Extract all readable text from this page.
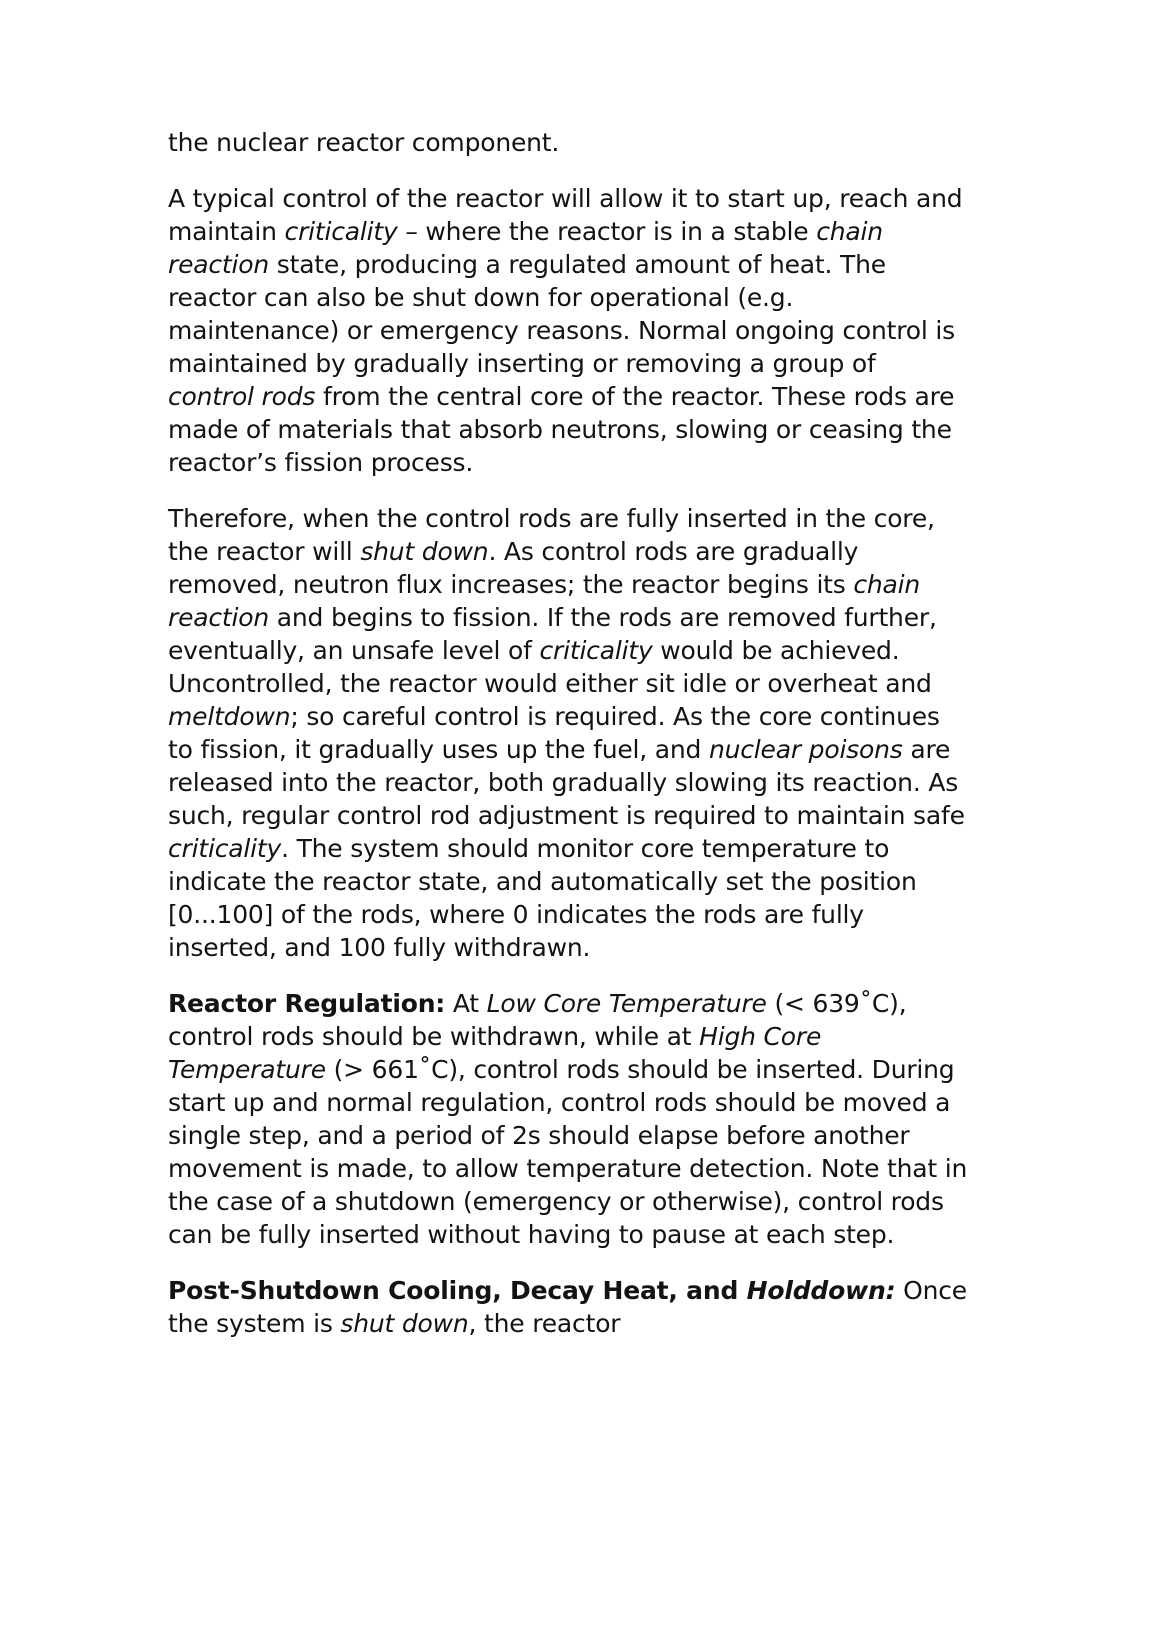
the nuclear reactor component.

A typical control of the reactor will allow it to start up, reach and maintain criticality – where the reactor is in a stable chain reaction state, producing a regulated amount of heat. The reactor can also be shut down for operational (e.g. maintenance) or emergency reasons. Normal ongoing control is maintained by gradually inserting or removing a group of control rods from the central core of the reactor. These rods are made of materials that absorb neutrons, slowing or ceasing the reactor’s fission process.

Therefore, when the control rods are fully inserted in the core, the reactor will shut down. As control rods are gradually removed, neutron flux increases; the reactor begins its chain reaction and begins to fission. If the rods are removed further, eventually, an unsafe level of criticality would be achieved. Uncontrolled, the reactor would either sit idle or overheat and meltdown; so careful control is required. As the core continues to fission, it gradually uses up the fuel, and nuclear poisons are released into the reactor, both gradually slowing its reaction. As such, regular control rod adjustment is required to maintain safe criticality. The system should monitor core temperature to indicate the reactor state, and automatically set the position [0...100] of the rods, where 0 indicates the rods are fully inserted, and 100 fully withdrawn.

Reactor Regulation: At Low Core Temperature (< 639˚C), control rods should be withdrawn, while at High Core Temperature (> 661˚C), control rods should be inserted. During start up and normal regulation, control rods should be moved a single step, and a period of 2s should elapse before another movement is made, to allow temperature detection. Note that in the case of a shutdown (emergency or otherwise), control rods can be fully inserted without having to pause at each step.

Post-Shutdown Cooling, Decay Heat, and Holddown: Once the system is shut down, the reactor
